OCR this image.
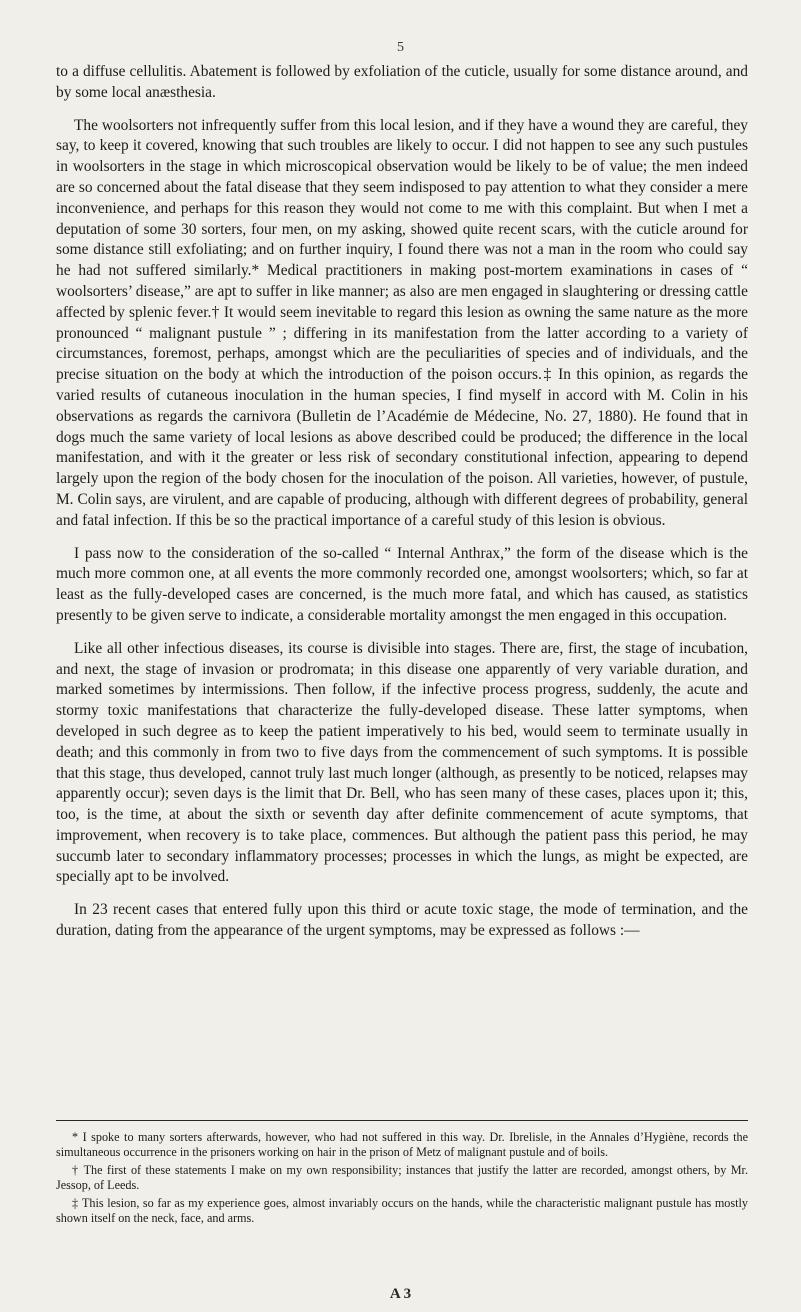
5

to a diffuse cellulitis. Abatement is followed by exfoliation of the cuticle, usually for some distance around, and by some local anæsthesia.

The woolsorters not infrequently suffer from this local lesion, and if they have a wound they are careful, they say, to keep it covered, knowing that such troubles are likely to occur. I did not happen to see any such pustules in woolsorters in the stage in which microscopical observation would be likely to be of value; the men indeed are so concerned about the fatal disease that they seem indisposed to pay attention to what they consider a mere inconvenience, and perhaps for this reason they would not come to me with this complaint. But when I met a deputation of some 30 sorters, four men, on my asking, showed quite recent scars, with the cuticle around for some distance still exfoliating; and on further inquiry, I found there was not a man in the room who could say he had not suffered similarly.* Medical practitioners in making post-mortem examinations in cases of “ woolsorters’ disease,” are apt to suffer in like manner; as also are men engaged in slaughtering or dressing cattle affected by splenic fever.† It would seem inevitable to regard this lesion as owning the same nature as the more pronounced “ malignant pustule ” ; differing in its manifestation from the latter according to a variety of circumstances, foremost, perhaps, amongst which are the peculiarities of species and of individuals, and the precise situation on the body at which the introduction of the poison occurs.‡ In this opinion, as regards the varied results of cutaneous inoculation in the human species, I find myself in accord with M. Colin in his observations as regards the carnivora (Bulletin de l’Académie de Médecine, No. 27, 1880). He found that in dogs much the same variety of local lesions as above described could be produced; the difference in the local manifestation, and with it the greater or less risk of secondary constitutional infection, appearing to depend largely upon the region of the body chosen for the inoculation of the poison. All varieties, however, of pustule, M. Colin says, are virulent, and are capable of producing, although with different degrees of probability, general and fatal infection. If this be so the practical importance of a careful study of this lesion is obvious.

I pass now to the consideration of the so-called “ Internal Anthrax,” the form of the disease which is the much more common one, at all events the more commonly recorded one, amongst woolsorters; which, so far at least as the fully-developed cases are concerned, is the much more fatal, and which has caused, as statistics presently to be given serve to indicate, a considerable mortality amongst the men engaged in this occupation.

Like all other infectious diseases, its course is divisible into stages. There are, first, the stage of incubation, and next, the stage of invasion or prodromata; in this disease one apparently of very variable duration, and marked sometimes by intermissions. Then follow, if the infective process progress, suddenly, the acute and stormy toxic manifestations that characterize the fully-developed disease. These latter symptoms, when developed in such degree as to keep the patient imperatively to his bed, would seem to terminate usually in death; and this commonly in from two to five days from the commencement of such symptoms. It is possible that this stage, thus developed, cannot truly last much longer (although, as presently to be noticed, relapses may apparently occur); seven days is the limit that Dr. Bell, who has seen many of these cases, places upon it; this, too, is the time, at about the sixth or seventh day after definite commencement of acute symptoms, that improvement, when recovery is to take place, commences. But although the patient pass this period, he may succumb later to secondary inflammatory processes; processes in which the lungs, as might be expected, are specially apt to be involved.

In 23 recent cases that entered fully upon this third or acute toxic stage, the mode of termination, and the duration, dating from the appearance of the urgent symptoms, may be expressed as follows :—

* I spoke to many sorters afterwards, however, who had not suffered in this way. Dr. Ibrelisle, in the Annales d’Hygiène, records the simultaneous occurrence in the prisoners working on hair in the prison of Metz of malignant pustule and of boils.

† The first of these statements I make on my own responsibility; instances that justify the latter are recorded, amongst others, by Mr. Jessop, of Leeds.

‡ This lesion, so far as my experience goes, almost invariably occurs on the hands, while the characteristic malignant pustule has mostly shown itself on the neck, face, and arms.

A 3
